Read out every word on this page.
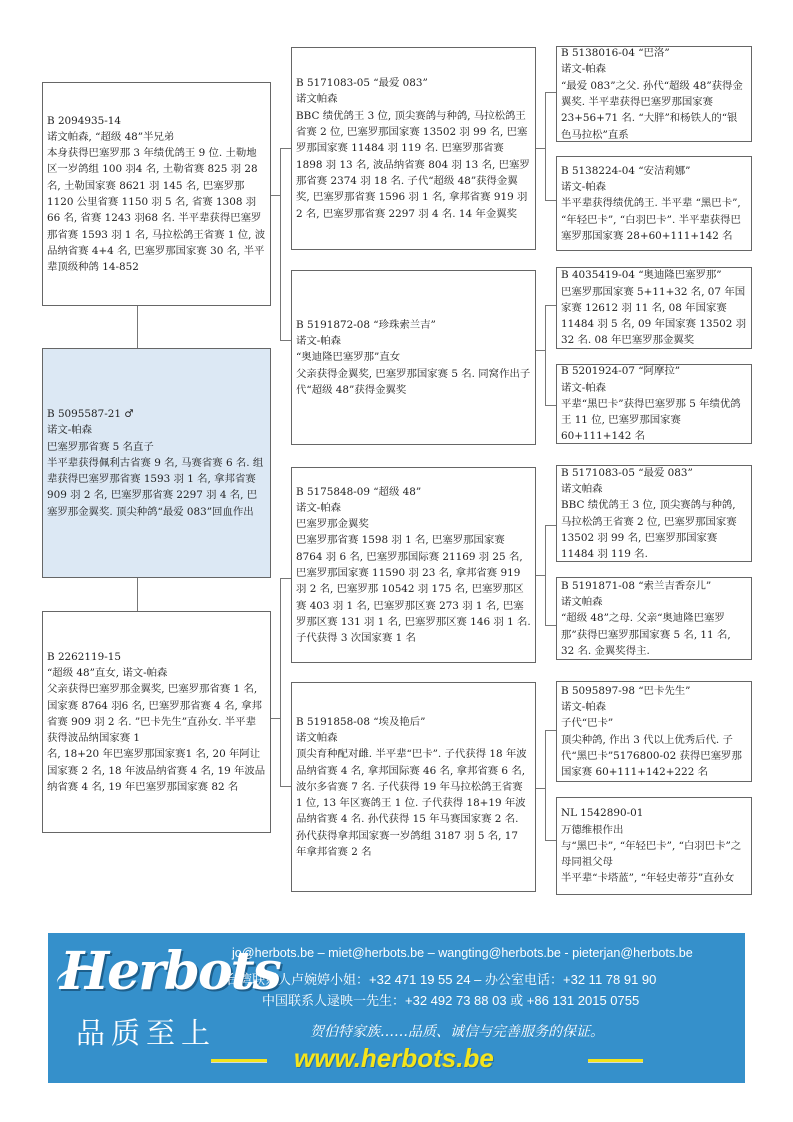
B 2094935-14
诺文帕森, “超级 48”半兄弟
本身获得巴塞罗那 3 年绩优鸽王 9 位. 土勒地区一岁鸽组 100 羽4 名, 土勒省赛 825 羽 28 名, 土勒国家赛 8621 羽 145 名, 巴塞罗那 1120 公里省赛 1150 羽 5 名, 省赛 1308 羽 66 名, 省赛 1243 羽68 名. 半平辈获得巴塞罗那省赛 1593 羽 1 名, 马拉松鸽王省赛 1 位, 波品纳省赛 4+4 名, 巴塞罗那国家赛 30 名, 半平辈顶级种鸽 14-852
B 5095587-21 ♂
诺文-帕森
巴塞罗那省赛 5 名直子
半平辈获得佩利古省赛 9 名, 马赛省赛 6 名. 组辈获得巴塞罗那省赛 1593 羽 1 名, 拿邦省赛 909 羽 2 名, 巴塞罗那省赛 2297 羽 4 名, 巴塞罗那金翼奖. 顶尖种鸽“最爱 083”回血作出
B 2262119-15
“超级 48”直女, 诺文-帕森
父亲获得巴塞罗那金翼奖, 巴塞罗那省赛 1 名, 国家赛 8764 羽6 名, 巴塞罗那省赛 4 名, 拿邦省赛 909 羽 2 名. ”巴卡先生”直孙女. 半平辈获得波品纳国家赛 1
名, 18+20 年巴塞罗那国家赛1 名, 20 年阿让国家赛 2 名, 18 年波品纳省赛 4 名, 19 年波品纳省赛 4 名, 19 年巴塞罗那国家赛 82 名
B 5171083-05 “最爱 083”
诺文帕森
BBC 绩优鸽王 3 位, 顶尖赛鸽与种鸽, 马拉松鸽王省赛 2 位, 巴塞罗那国家赛 13502 羽 99 名, 巴塞罗那国家赛 11484 羽 119 名. 巴塞罗那省赛 1898 羽 13 名, 波品纳省赛 804 羽 13 名, 巴塞罗那省赛 2374 羽 18 名. 子代“超级 48”获得金翼奖, 巴塞罗那省赛 1596 羽 1 名, 拿邦省赛 919 羽 2 名, 巴塞罗那省赛 2297 羽 4 名. 14 年金翼奖
B 5191872-08 “珍珠索兰吉”
诺文-帕森
“奥迪隆巴塞罗那”直女
父亲获得金翼奖, 巴塞罗那国家赛 5 名. 同窝作出子代“超级 48”获得金翼奖
B 5175848-09 “超级 48”
诺文-帕森
巴塞罗那金翼奖
巴塞罗那省赛 1598 羽 1 名, 巴塞罗那国家赛 8764 羽 6 名, 巴塞罗那国际赛 21169 羽 25 名, 巴塞罗那国家赛 11590 羽 23 名, 拿邦省赛 919 羽 2 名, 巴塞罗那 10542 羽 175 名, 巴塞罗那区赛 403 羽 1 名, 巴塞罗那区赛 273 羽 1 名, 巴塞罗那区赛 131 羽 1 名, 巴塞罗那区赛 146 羽 1 名. 子代获得 3 次国家赛 1 名
B 5191858-08 “埃及艳后”
诺文帕森
顶尖育种配对雌. 半平辈“巴卡”. 子代获得 18 年波品纳省赛 4 名, 拿邦国际赛 46 名, 拿邦省赛 6 名, 波尔多省赛 7 名. 子代获得 19 年马拉松鸽王省赛 1 位, 13 年区赛鸽王 1 位. 子代获得 18+19 年波品纳省赛 4 名. 孙代获得 15 年马赛国家赛 2 名. 孙代获得拿邦国家赛一岁鸽组 3187 羽 5 名, 17 年拿邦省赛 2 名
B 5138016-04 “巴洛”
诺文-帕森
“最爱 083”之父. 孙代“超级 48”获得金翼奖. 半平辈获得巴塞罗那国家赛 23+56+71 名. “大胖”和杨铁人的“银色马拉松”直系
B 5138224-04 “安洁莉娜”
诺文-帕森
半平辈获得绩优鸽王. 半平辈 “黑巴卡”, “年轻巴卡”, “白羽巴卡”. 半平辈获得巴塞罗那国家赛 28+60+111+142 名
B 4035419-04 “奥迪隆巴塞罗那”
巴塞罗那国家赛 5+11+32 名, 07 年国家赛 12612 羽 11 名, 08 年国家赛 11484 羽 5 名, 09 年国家赛 13502 羽 32 名. 08 年巴塞罗那金翼奖
B 5201924-07 “阿摩拉”
诺文-帕森
平辈“黑巴卡”获得巴塞罗那 5 年绩优鸽王 11 位, 巴塞罗那国家赛 60+111+142 名
B 5171083-05 “最爱 083”
诺文帕森
BBC 绩优鸽王 3 位, 顶尖赛鸽与种鸽, 马拉松鸽王省赛 2 位, 巴塞罗那国家赛 13502 羽 99 名, 巴塞罗那国家赛 11484 羽 119 名.
B 5191871-08 “索兰吉香奈儿”
诺文帕森
“超级 48”之母. 父亲“奥迪隆巴塞罗那”获得巴塞罗那国家赛 5 名, 11 名, 32 名. 金翼奖得主.
B 5095897-98 “巴卡先生”
诺文-帕森
子代“巴卡”
顶尖种鸽, 作出 3 代以上优秀后代. 子代“黑巴卡”5176800-02 获得巴塞罗那国家赛 60+111+142+222 名
NL 1542890-01
万德维根作出
与“黑巴卡”, “年轻巴卡”, “白羽巴卡”之母同祖父母
半平辈“卡塔蓝”, “年轻史蒂芬”直孙女
Herbots
品质至上
jo@herbots.be – miet@herbots.be – wangting@herbots.be - pieterjan@herbots.be
台湾联系人卢婉婷小姐：+32 471 19 55 24 – 办公室电话：+32 11 78 91 90
中国联系人逯映一先生：+32 492 73 88 03 或 +86 131 2015 0755
贺伯特家族……品质、诚信与完善服务的保证。
www.herbots.be
